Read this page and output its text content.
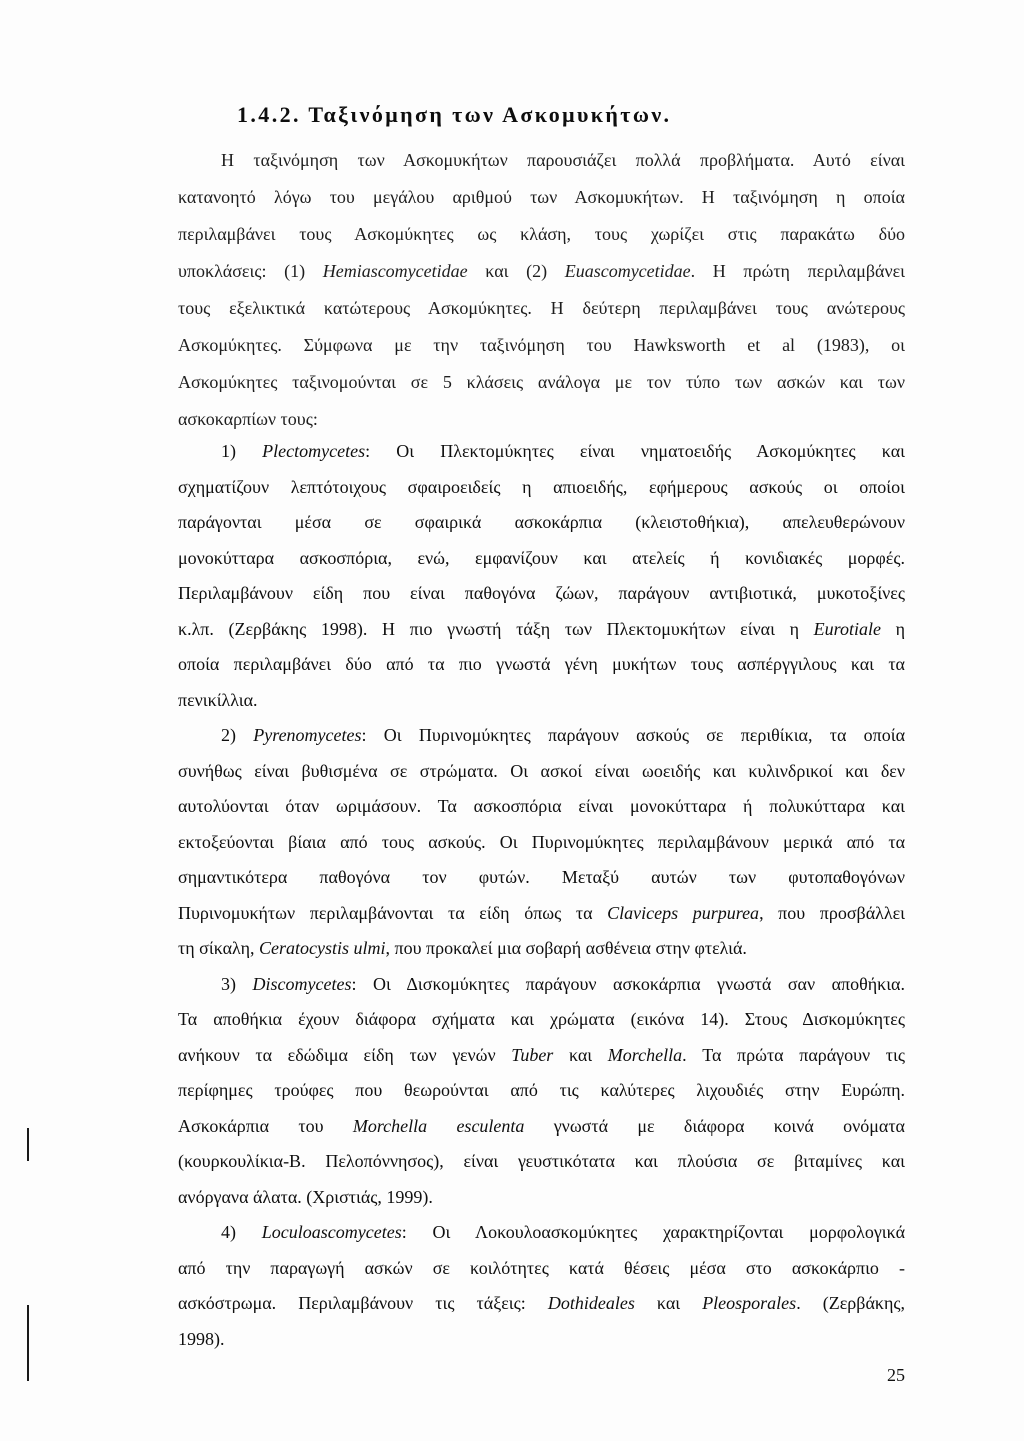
1.4.2. Ταξινόμηση των Ασκομυκήτων.
Η ταξινόμηση των Ασκομυκήτων παρουσιάζει πολλά προβλήματα. Αυτό είναι
κατανοητό λόγω του μεγάλου αριθμού των Ασκομυκήτων. Η ταξινόμηση η οποία
περιλαμβάνει τους Ασκομύκητες ως κλάση, τους χωρίζει στις παρακάτω δύο
υποκλάσεις: (1) Hemiascomycetidae και (2) Euascomycetidae. Η πρώτη περιλαμβάνει
τους εξελικτικά κατώτερους Ασκομύκητες. Η δεύτερη περιλαμβάνει τους ανώτερους
Ασκομύκητες. Σύμφωνα με την ταξινόμηση του Hawksworth et al (1983), οι
Ασκομύκητες ταξινομούνται σε 5 κλάσεις ανάλογα με τον τύπο των ασκών και των
ασκοκαρπίων τους:
1) Plectomycetes: Οι Πλεκτομύκητες είναι νηματοειδής Ασκομύκητες και
σχηματίζουν λεπτότοιχους σφαιροειδείς η απιοειδής, εφήμερους ασκούς οι οποίοι
παράγονται μέσα σε σφαιρικά ασκοκάρπια (κλειστοθήκια), απελευθερώνουν
μονοκύτταρα ασκοσπόρια, ενώ, εμφανίζουν και ατελείς ή κονιδιακές μορφές.
Περιλαμβάνουν είδη που είναι παθογόνα ζώων, παράγουν αντιβιοτικά, μυκοτοξίνες
κ.λπ. (Ζερβάκης 1998). Η πιο γνωστή τάξη των Πλεκτομυκήτων είναι η Eurotiale η
οποία περιλαμβάνει δύο από τα πιο γνωστά γένη μυκήτων τους ασπέργγιλους και τα
πενικίλλια.
2) Pyrenomycetes: Οι Πυρινομύκητες παράγουν ασκούς σε περιθίκια, τα οποία
συνήθως είναι βυθισμένα σε στρώματα. Οι ασκοί είναι ωοειδής και κυλινδρικοί και δεν
αυτολύονται όταν ωριμάσουν. Τα ασκοσπόρια είναι μονοκύτταρα ή πολυκύτταρα και
εκτοξεύονται βίαια από τους ασκούς. Οι Πυρινομύκητες περιλαμβάνουν μερικά από τα
σημαντικότερα παθογόνα τον φυτών. Μεταξύ αυτών των φυτοπαθογόνων
Πυρινομυκήτων περιλαμβάνονται τα είδη όπως τα Claviceps purpurea, που προσβάλλει
τη σίκαλη, Ceratocystis ulmi, που προκαλεί μια σοβαρή ασθένεια στην φτελιά.
3) Discomycetes: Οι Δισκομύκητες παράγουν ασκοκάρπια γνωστά σαν αποθήκια.
Τα αποθήκια έχουν διάφορα σχήματα και χρώματα (εικόνα 14). Στους Δισκομύκητες
ανήκουν τα εδώδιμα είδη των γενών Tuber και Morchella. Τα πρώτα παράγουν τις
περίφημες τρούφες που θεωρούνται από τις καλύτερες λιχουδιές στην Ευρώπη.
Ασκοκάρπια του Morchella esculenta γνωστά με διάφορα κοινά ονόματα
(κουρκουλίκια-Β. Πελοπόννησος), είναι γευστικότατα και πλούσια σε βιταμίνες και
ανόργανα άλατα. (Χριστιάς, 1999).
4) Loculoascomycetes: Οι Λοκουλοασκομύκητες χαρακτηρίζονται μορφολογικά
από την παραγωγή ασκών σε κοιλότητες κατά θέσεις μέσα στο ασκοκάρπιο -
ασκόστρωμα. Περιλαμβάνουν τις τάξεις: Dothideales και Pleosporales. (Ζερβάκης,
1998).
25
